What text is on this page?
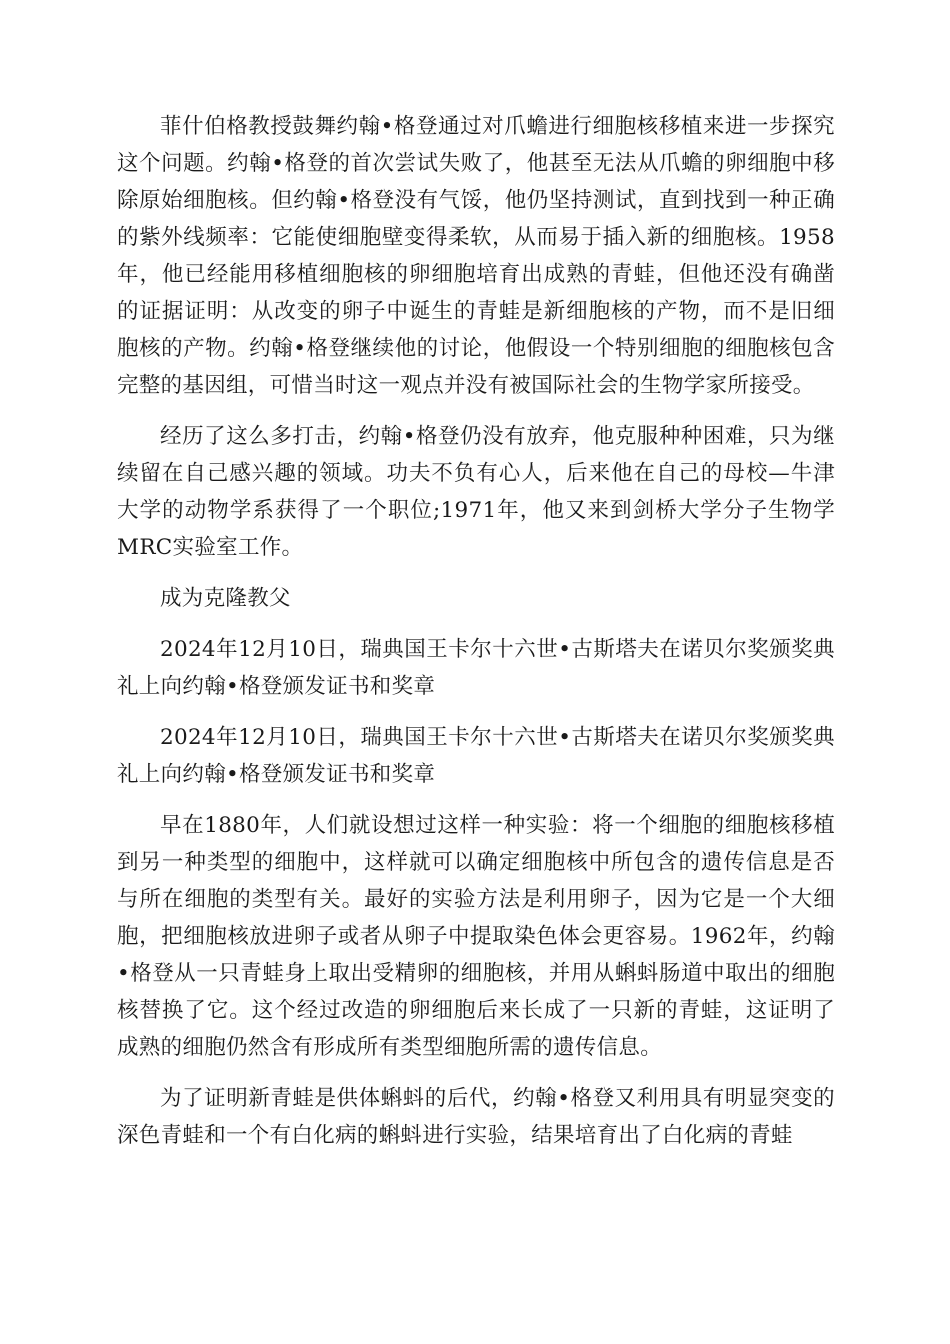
菲什伯格教授鼓舞约翰•格登通过对爪蟾进行细胞核移植来进一步探究这个问题。约翰•格登的首次尝试失败了，他甚至无法从爪蟾的卵细胞中移除原始细胞核。但约翰•格登没有气馁，他仍坚持测试，直到找到一种正确的紫外线频率：它能使细胞壁变得柔软，从而易于插入新的细胞核。1958年，他已经能用移植细胞核的卵细胞培育出成熟的青蛙，但他还没有确凿的证据证明：从改变的卵子中诞生的青蛙是新细胞核的产物，而不是旧细胞核的产物。约翰•格登继续他的讨论，他假设一个特别细胞的细胞核包含完整的基因组，可惜当时这一观点并没有被国际社会的生物学家所接受。

经历了这么多打击，约翰•格登仍没有放弃，他克服种种困难，只为继续留在自己感兴趣的领域。功夫不负有心人，后来他在自己的母校—牛津大学的动物学系获得了一个职位;1971年，他又来到剑桥大学分子生物学MRC实验室工作。

成为克隆教父

2024年12月10日，瑞典国王卡尔十六世•古斯塔夫在诺贝尔奖颁奖典礼上向约翰•格登颁发证书和奖章

2024年12月10日，瑞典国王卡尔十六世•古斯塔夫在诺贝尔奖颁奖典礼上向约翰•格登颁发证书和奖章

早在1880年，人们就设想过这样一种实验：将一个细胞的细胞核移植到另一种类型的细胞中，这样就可以确定细胞核中所包含的遗传信息是否与所在细胞的类型有关。最好的实验方法是利用卵子，因为它是一个大细胞，把细胞核放进卵子或者从卵子中提取染色体会更容易。1962年，约翰•格登从一只青蛙身上取出受精卵的细胞核，并用从蝌蚪肠道中取出的细胞核替换了它。这个经过改造的卵细胞后来长成了一只新的青蛙，这证明了成熟的细胞仍然含有形成所有类型细胞所需的遗传信息。

为了证明新青蛙是供体蝌蚪的后代，约翰•格登又利用具有明显突变的深色青蛙和一个有白化病的蝌蚪进行实验，结果培育出了白化病的青蛙
